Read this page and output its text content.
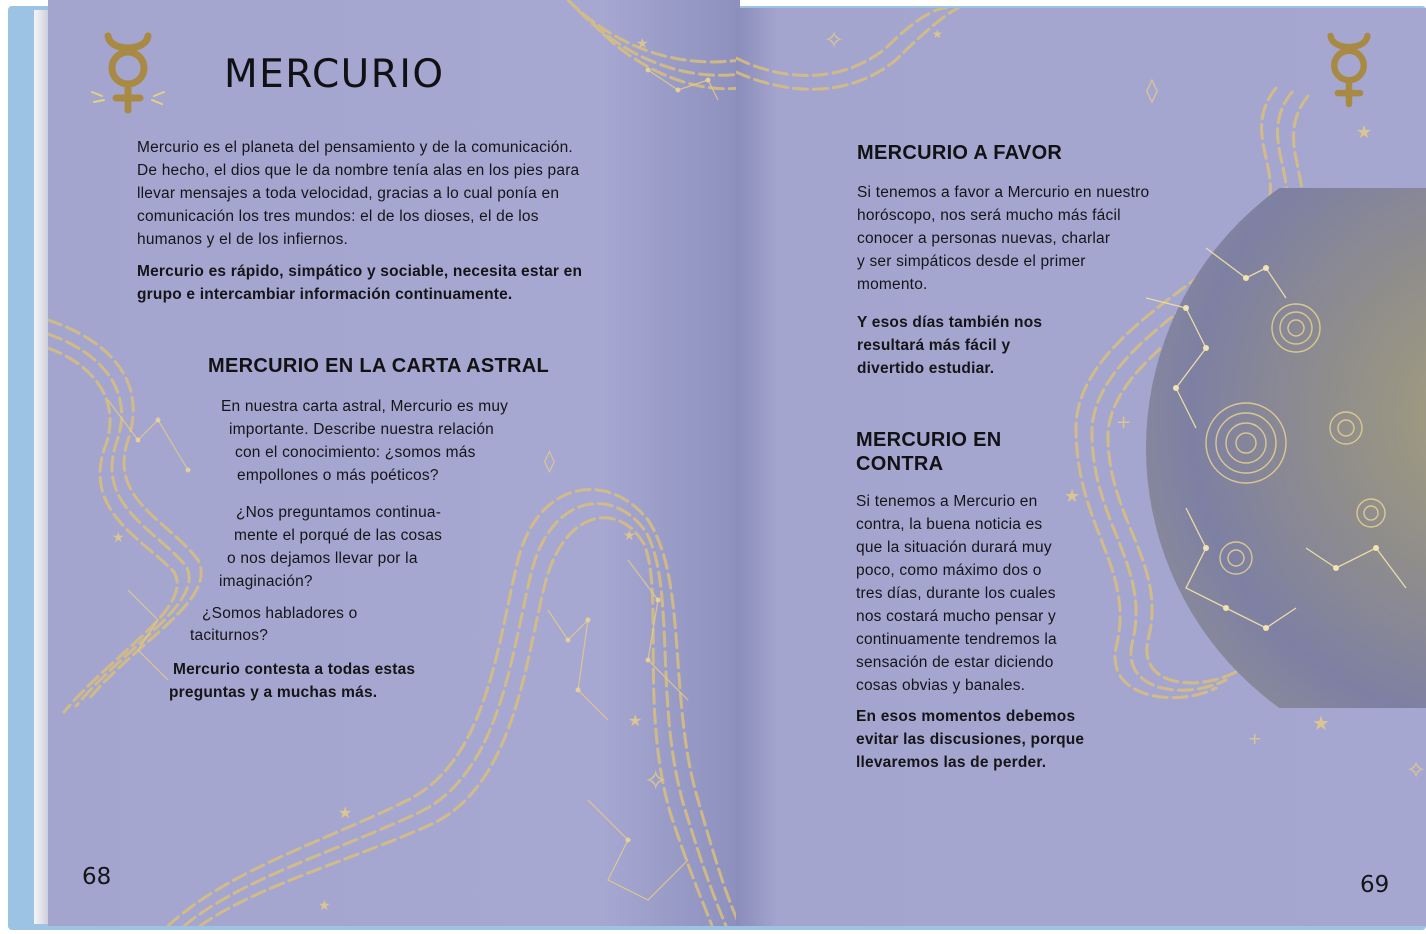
★
★
★
★
★
★
✧
◊
MERCURIO

Mercurio es el planeta del pensamiento y de la comunicación.

De hecho, el dios que le da nombre tenía alas en los pies para

llevar mensajes a toda velocidad, gracias a lo cual ponía en

comunicación los tres mundos: el de los dioses, el de los

humanos y el de los infiernos.

Mercurio es rápido, simpático y sociable, necesita estar en

grupo e intercambiar información continuamente.

MERCURIO EN LA CARTA ASTRAL
En nuestra carta astral, Mercurio es muy
importante. Describe nuestra relación
con el conocimiento: ¿somos más
empollones o más poéticos?
¿Nos preguntamos continua-
mente el porqué de las cosas
o nos dejamos llevar por la
imaginación?
¿Somos habladores o
taciturnos?
Mercurio contesta a todas estas
preguntas y a muchas más.
68
✧	★
◊
★
+
★
+
★
✧
MERCURIO A FAVOR

Si tenemos a favor a Mercurio en nuestro

horóscopo, nos será mucho más fácil

conocer a personas nuevas, charlar

y ser simpáticos desde el primer

momento.

Y esos días también nos

resultará más fácil y

divertido estudiar.

MERCURIO EN

CONTRA

Si tenemos a Mercurio en

contra, la buena noticia es

que la situación durará muy

poco, como máximo dos o

tres días, durante los cuales

nos costará mucho pensar y

continuamente tendremos la

sensación de estar diciendo

cosas obvias y banales.

En esos momentos debemos

evitar las discusiones, porque

llevaremos las de perder.

69
